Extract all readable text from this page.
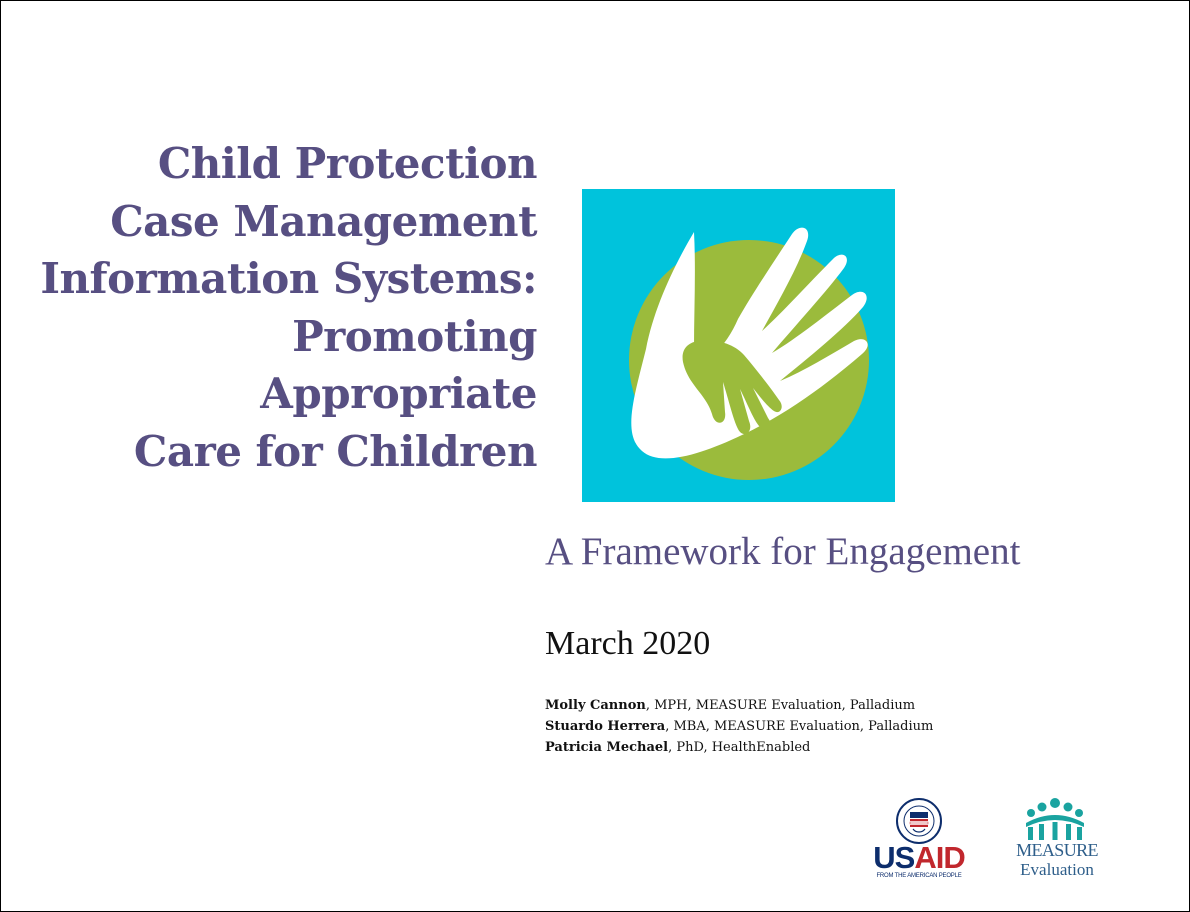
Child Protection
Case Management
Information Systems:
Promoting
Appropriate
Care for Children
A Framework for Engagement
March 2020
Molly Cannon, MPH, MEASURE Evaluation, Palladium
Stuardo Herrera, MBA, MEASURE Evaluation, Palladium
Patricia Mechael, PhD, HealthEnabled
USAID
FROM THE AMERICAN PEOPLE
MEASURE
Evaluation
